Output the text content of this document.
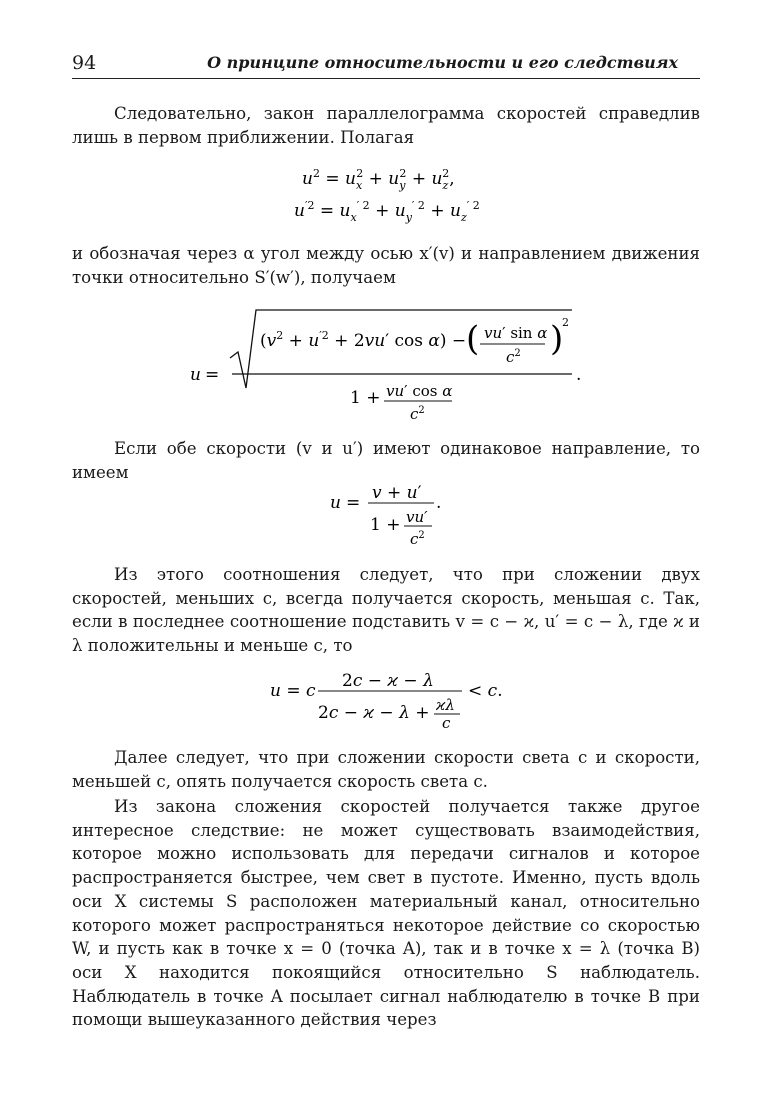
94	О принципе относительности и его следствиях
Следовательно, закон параллелограмма скоростей справедлив лишь в первом приближении. Полагая
$u^2 = u_x2 + u_y2 + u_z2$,
$u^{'2} = u_x^{' 2} + u_y^{' 2} + u_z^{' 2}$
и обозначая через α угол между осью x′(v) и направлением движения точки относительно S′(w′), получаем
u =
($v^2 + u^{'2} + 2vu'$ cos α) − ( vu′ sin α
$c^2$ )
2
.
1 + vu′ cos α
$c^2$
Если обе скорости (v и u′) имеют одинаковое направление, то имеем
u = v + u′ .
1 + vu′
$c^2$
Из этого соотношения следует, что при сложении двух скоростей, меньших c, всегда получается скорость, меньшая c. Так, если в последнее соотношение подставить v = c − ϰ, u′ = c − λ, где ϰ и λ положительны и меньше c, то
u = c 2c − ϰ − λ < c.
2c − ϰ − λ + ϰλ
c
Далее следует, что при сложении скорости света c и скорости, меньшей c, опять получается скорость света c.
Из закона сложения скоростей получается также другое интересное следствие: не может существовать взаимодействия, которое можно использовать для передачи сигналов и которое распространяется быстрее, чем свет в пустоте. Именно, пусть вдоль оси X системы S расположен материальный канал, относительно которого может распространяться некоторое действие со скоростью W, и пусть как в точке x = 0 (точка A), так и в точке x = λ (точка B) оси X находится покоящийся относительно S наблюдатель. Наблюдатель в точке A посылает сигнал наблюдателю в точке B при помощи вышеуказанного действия через
